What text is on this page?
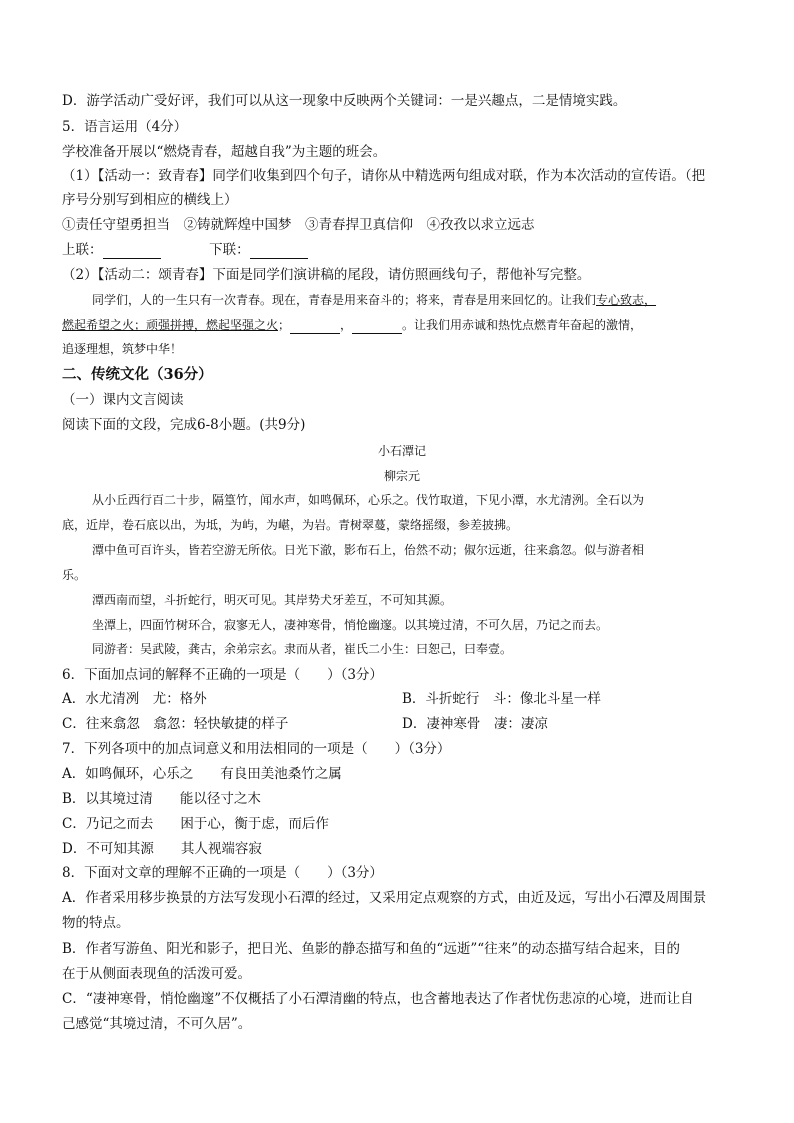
D．游学活动广受好评，我们可以从这一现象中反映两个关键词：一是兴趣点，二是情境实践。
5．语言运用（4分）
学校准备开展以“燃烧青春，超越自我”为主题的班会。
（1）【活动一：致青春】同学们收集到四个句子，请你从中精选两句组成对联，作为本次活动的宣传语。（把
序号分别写到相应的横线上）
①责任守望勇担当　②铸就辉煌中国梦　③青春捍卫真信仰　④孜孜以求立远志
上联：	下联：
（2）【活动二：颂青春】下面是同学们演讲稿的尾段，请仿照画线句子，帮他补写完整。
同学们，人的一生只有一次青春。现在，青春是用来奋斗的；将来，青春是用来回忆的。让我们专心致志，
燃起希望之火；顽强拼搏，燃起坚强之火；	，	。让我们用赤诚和热忱点燃青年奋起的激情，
追逐理想，筑梦中华！
二、传统文化（36分）
（一）课内文言阅读
阅读下面的文段，完成6-8小题。(共9分)
小石潭记
柳宗元
从小丘西行百二十步，隔篁竹，闻水声，如鸣佩环，心乐之。伐竹取道，下见小潭，水尤清洌。全石以为
底，近岸，卷石底以出，为坻，为屿，为嵁，为岩。青树翠蔓，蒙络摇缀，参差披拂。
潭中鱼可百许头，皆若空游无所依。日光下澈，影布石上，佁然不动；俶尔远逝，往来翕忽。似与游者相
乐。
潭西南而望，斗折蛇行，明灭可见。其岸势犬牙差互，不可知其源。
坐潭上，四面竹树环合，寂寥无人，凄神寒骨，悄怆幽邃。以其境过清，不可久居，乃记之而去。
同游者：吴武陵，龚古，余弟宗玄。隶而从者，崔氏二小生：曰恕己，曰奉壹。
6．下面加点词的解释不正确的一项是（　　）（3分）
A．水尤清冽　尤：格外	B．斗折蛇行　斗：像北斗星一样
C．往来翕忽　翕忽：轻快敏捷的样子	D．凄神寒骨　凄：凄凉
7．下列各项中的加点词意义和用法相同的一项是（　　）（3分）
A．如鸣佩环，心乐之　　有良田美池桑竹之属
B．以其境过清　　能以径寸之木
C．乃记之而去　　困于心，衡于虑，而后作
D．不可知其源　　其人视端容寂
8．下面对文章的理解不正确的一项是（　　）（3分）
A．作者采用移步换景的方法写发现小石潭的经过，又采用定点观察的方式，由近及远，写出小石潭及周围景
物的特点。
B．作者写游鱼、阳光和影子，把日光、鱼影的静态描写和鱼的“远逝”“往来”的动态描写结合起来，目的
在于从侧面表现鱼的活泼可爱。
C．“凄神寒骨，悄怆幽邃”不仅概括了小石潭清幽的特点，也含蓄地表达了作者忧伤悲凉的心境，进而让自
己感觉“其境过清，不可久居”。
